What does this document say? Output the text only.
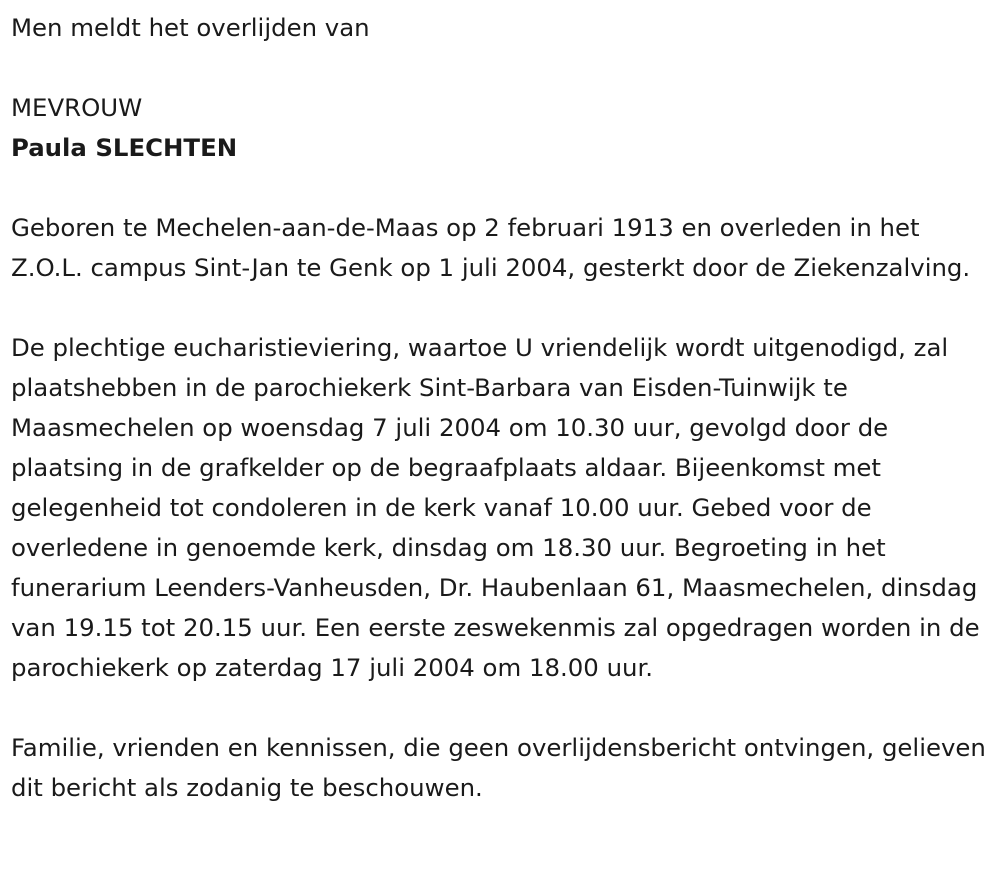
Men meldt het overlijden van

MEVROUW

Paula SLECHTEN

Geboren te Mechelen-aan-de-Maas op 2 februari 1913 en overleden in het Z.O.L. campus Sint-Jan te Genk op 1 juli 2004, gesterkt door de Ziekenzalving.

De plechtige eucharistieviering, waartoe U vriendelijk wordt uitgenodigd, zal plaatshebben in de parochiekerk Sint-Barbara van Eisden-Tuinwijk te Maasmechelen op woensdag 7 juli 2004 om 10.30 uur, gevolgd door de plaatsing in de grafkelder op de begraafplaats aldaar. Bijeenkomst met gelegenheid tot condoleren in de kerk vanaf 10.00 uur. Gebed voor de overledene in genoemde kerk, dinsdag om 18.30 uur. Begroeting in het funerarium Leenders-Vanheusden, Dr. Haubenlaan 61, Maasmechelen, dinsdag van 19.15 tot 20.15 uur. Een eerste zeswekenmis zal opgedragen worden in de parochiekerk op zaterdag 17 juli 2004 om 18.00 uur.

Familie, vrienden en kennissen, die geen overlijdensbericht ontvingen, gelieven dit bericht als zodanig te beschouwen.
